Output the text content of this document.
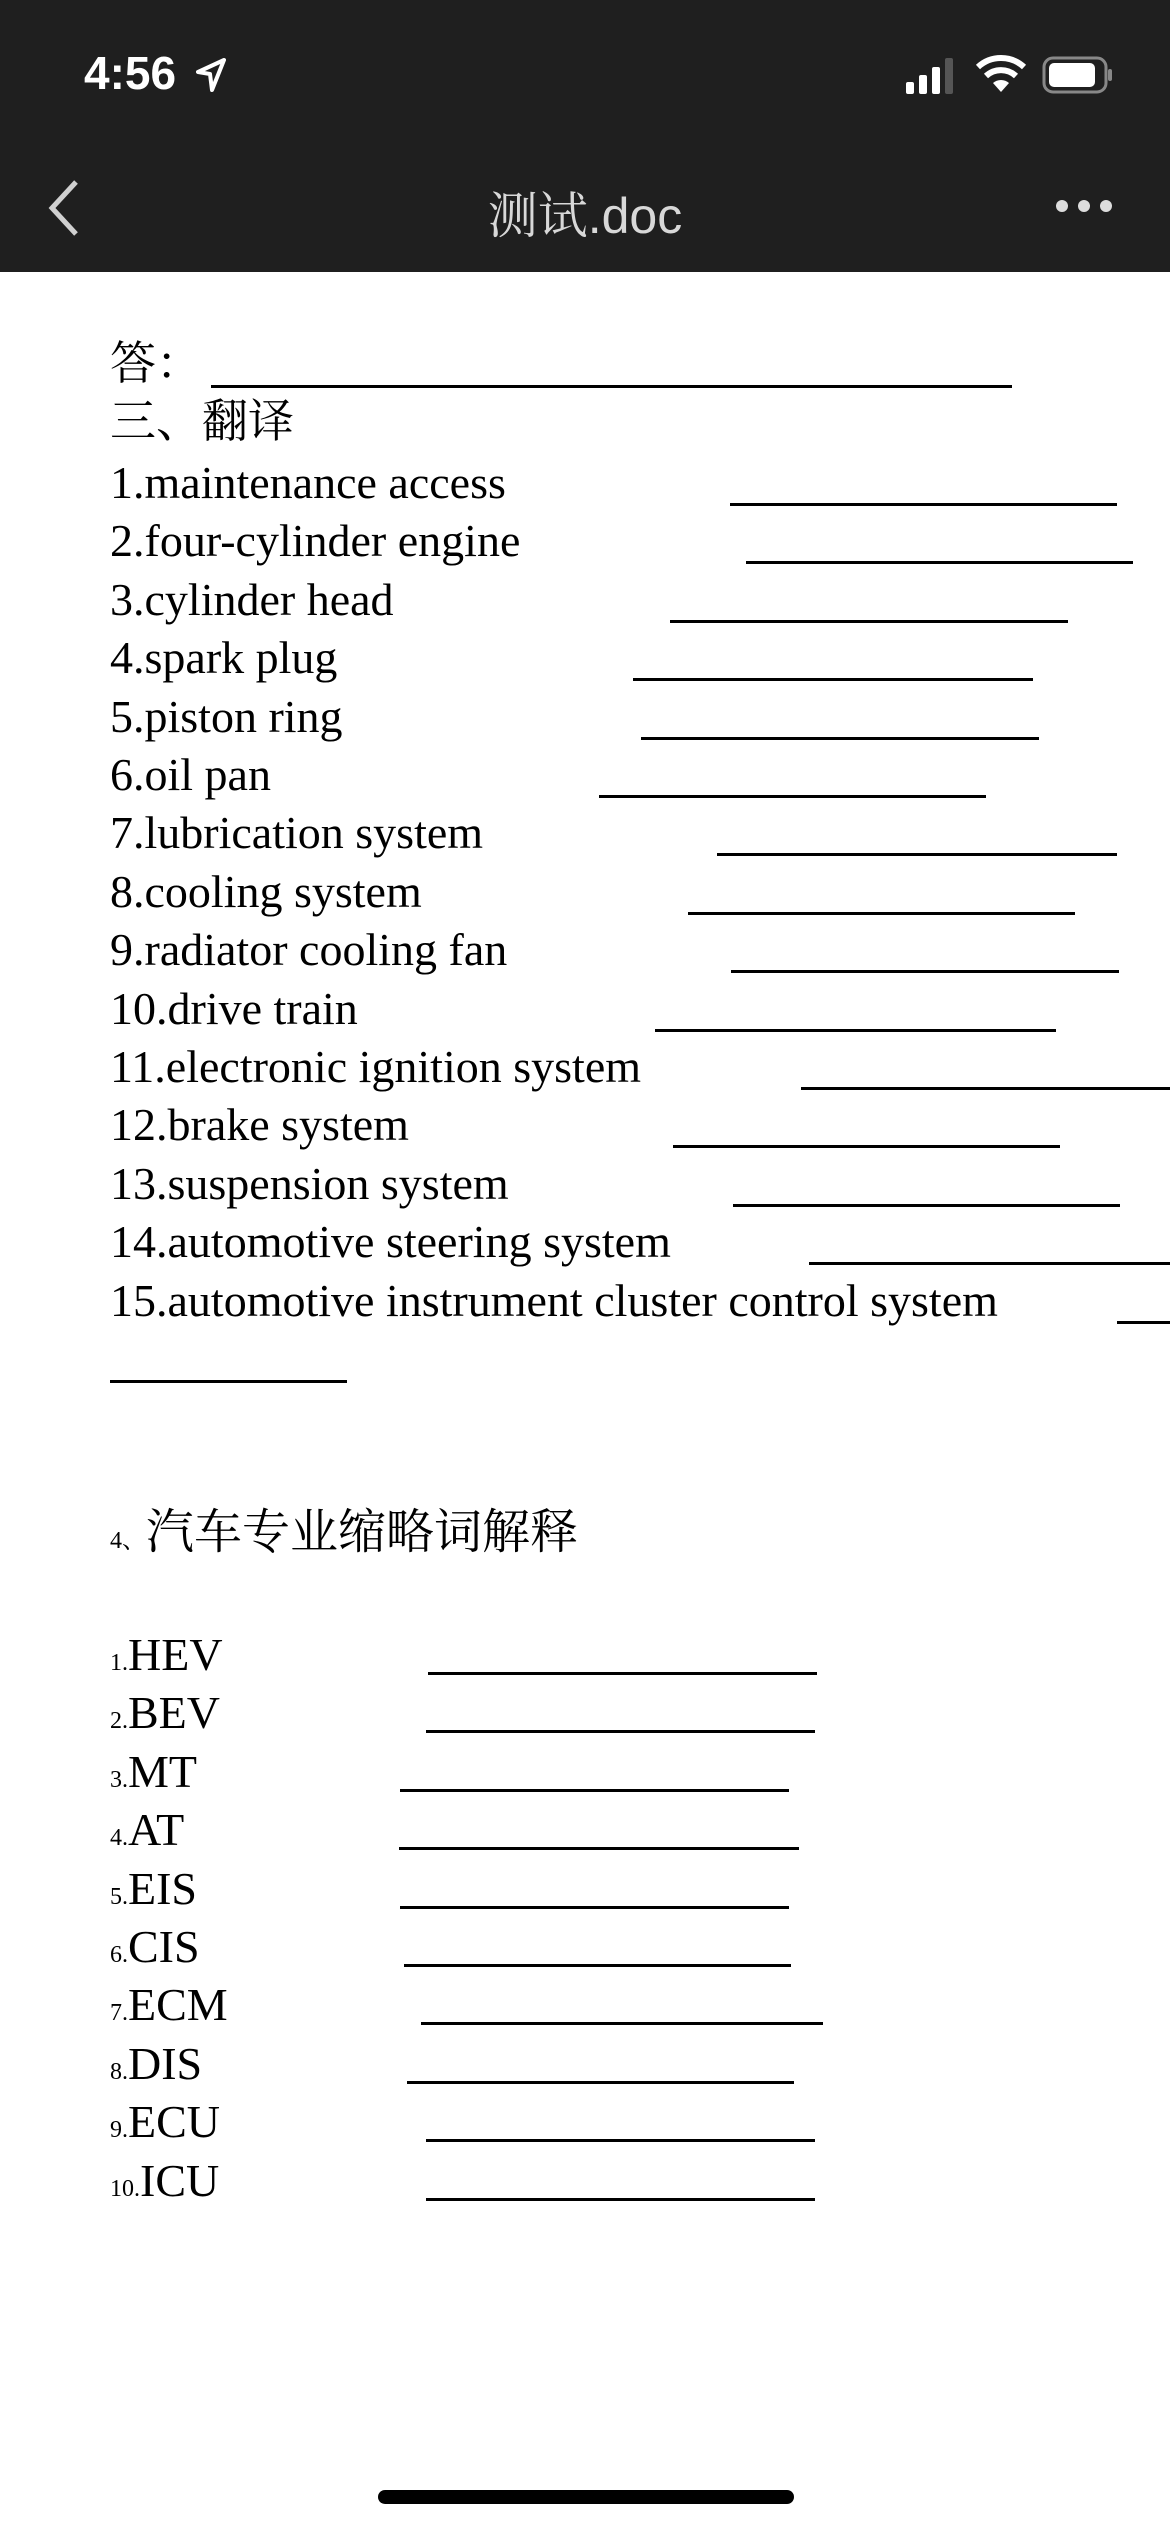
4:56
测试.doc
答：
三、翻译
1.maintenance access
2.four-cylinder engine
3.cylinder head
4.spark plug
5.piston ring
6.oil pan
7.lubrication system
8.cooling system
9.radiator cooling fan
10.drive train
11.electronic ignition system
12.brake system
13.suspension system
14.automotive steering system
15.automotive instrument cluster control system
4、汽车专业缩略词解释
1.HEV
2.BEV
3.MT
4.AT
5.EIS
6.CIS
7.ECM
8.DIS
9.ECU
10.ICU
